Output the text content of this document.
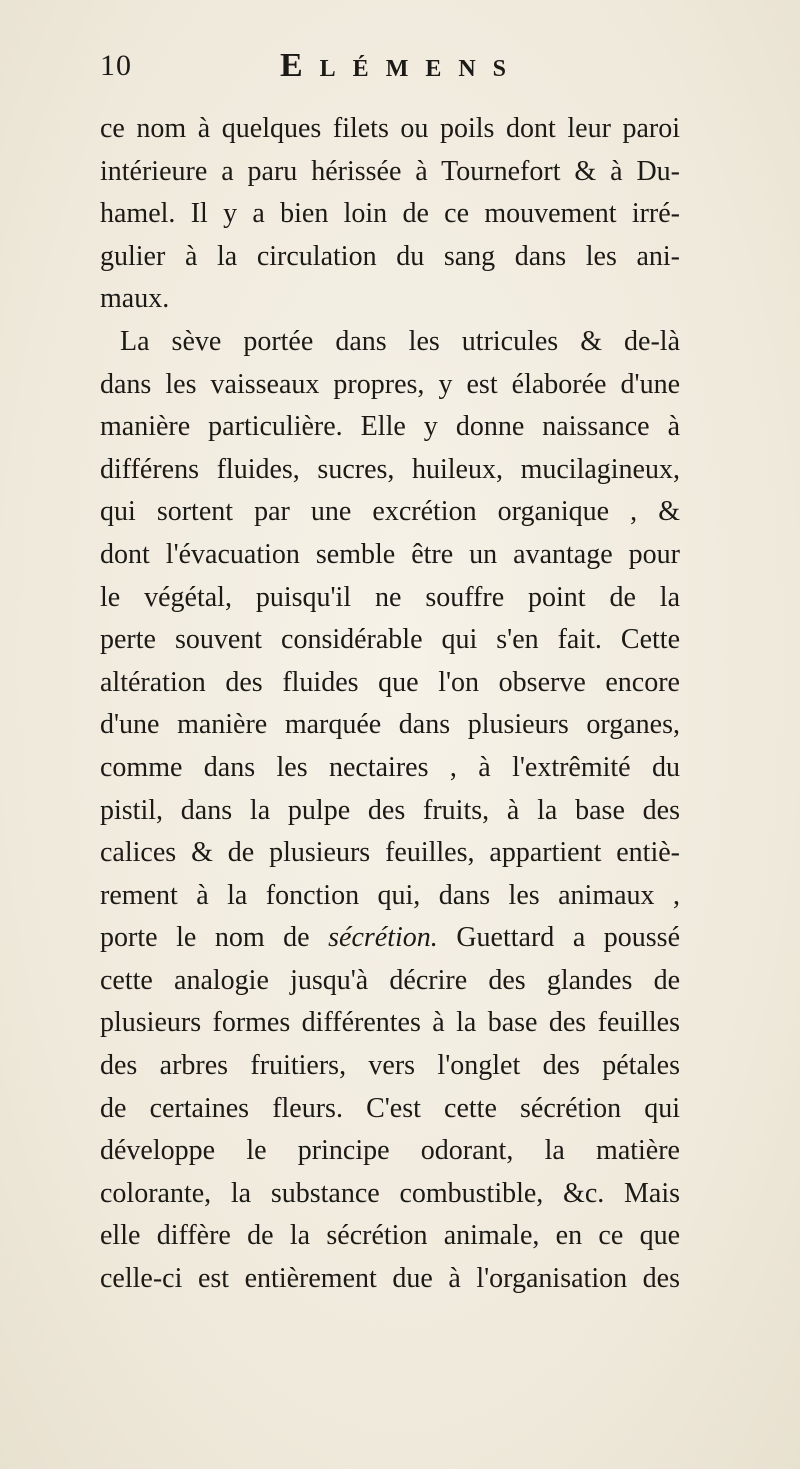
10	Elémens
ce nom à quelques filets ou poils dont leur paroi
intérieure a paru hérissée à Tournefort & à Du-
hamel. Il y a bien loin de ce mouvement irré-
gulier à la circulation du sang dans les ani-
maux.
La sève portée dans les utricules & de-là
dans les vaisseaux propres, y est élaborée d'une
manière particulière. Elle y donne naissance à
différens fluides, sucres, huileux, mucilagineux,
qui sortent par une excrétion organique , &
dont l'évacuation semble être un avantage pour
le végétal, puisqu'il ne souffre point de la
perte souvent considérable qui s'en fait. Cette
altération des fluides que l'on observe encore
d'une manière marquée dans plusieurs organes,
comme dans les nectaires , à l'extrêmité du
pistil, dans la pulpe des fruits, à la base des
calices & de plusieurs feuilles, appartient entiè-
rement à la fonction qui, dans les animaux ,
porte le nom de sécrétion. Guettard a poussé
cette analogie jusqu'à décrire des glandes de
plusieurs formes différentes à la base des feuilles
des arbres fruitiers, vers l'onglet des pétales
de certaines fleurs. C'est cette sécrétion qui
développe le principe odorant, la matière
colorante, la substance combustible, &c. Mais
elle diffère de la sécrétion animale, en ce que
celle-ci est entièrement due à l'organisation des
